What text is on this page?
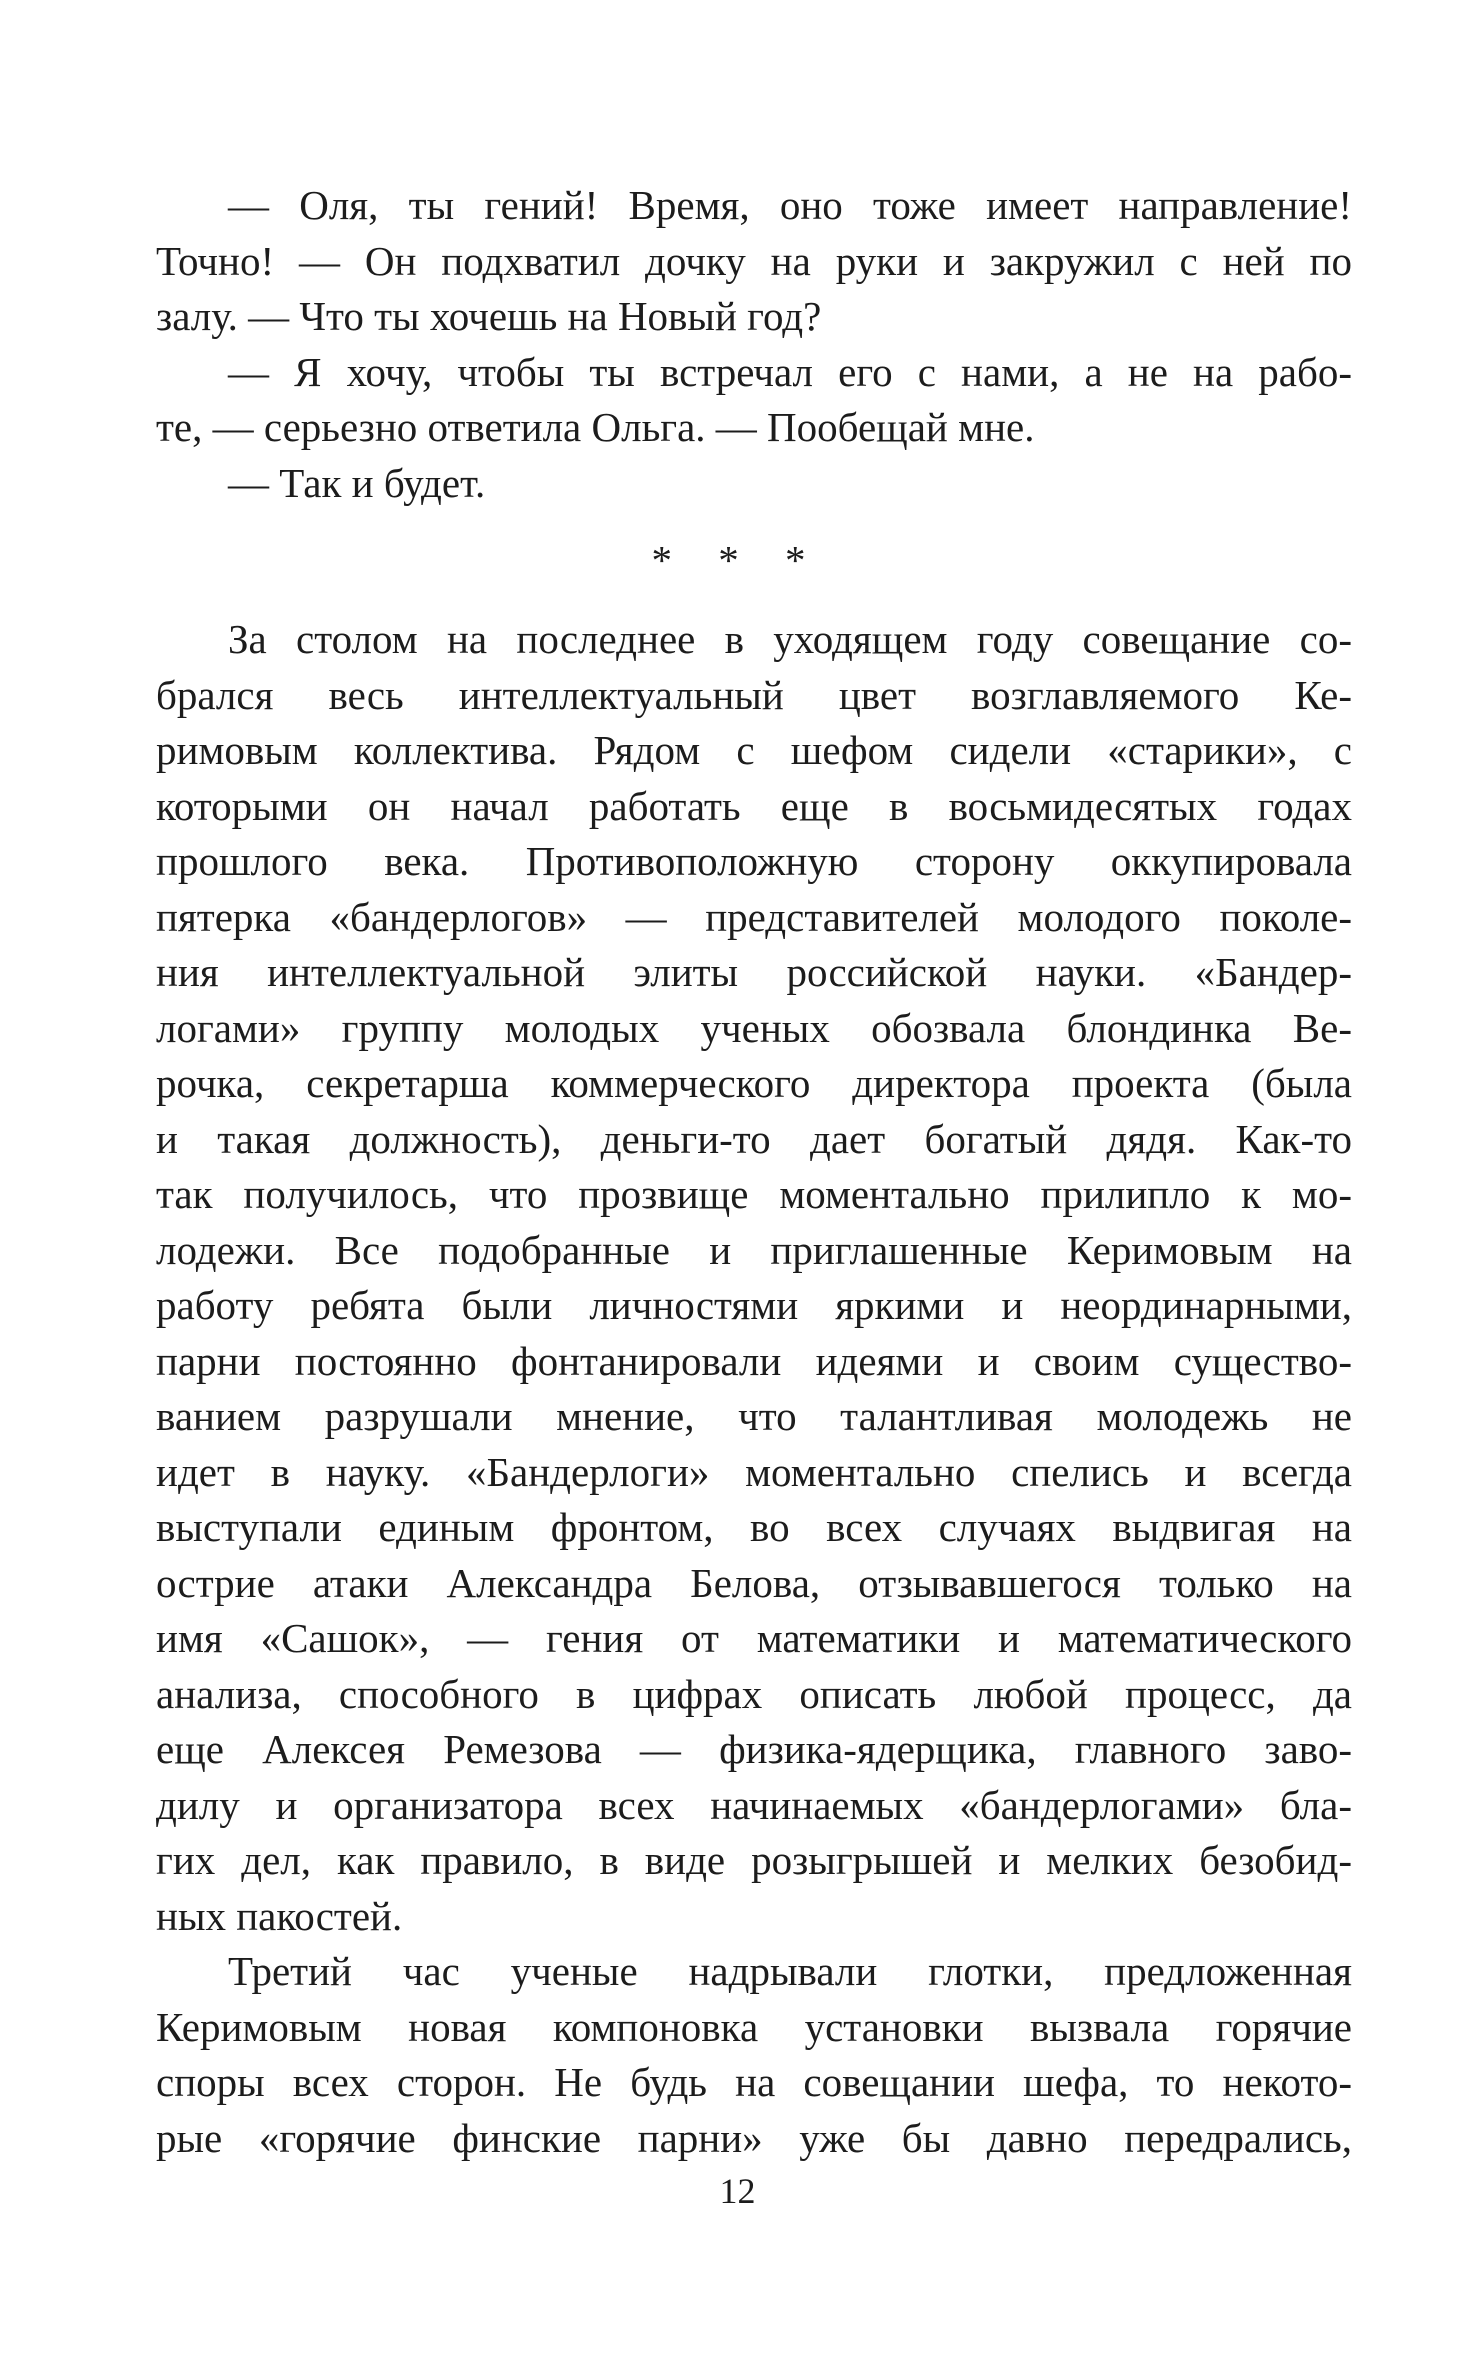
— Оля, ты гений! Время, оно тоже имеет направление!
Точно! — Он подхватил дочку на руки и закружил с ней по
залу. — Что ты хочешь на Новый год?
— Я хочу, чтобы ты встречал его с нами, а не на рабо-
те, — серьезно ответила Ольга. — Пообещай мне.
— Так и будет.
* * *
За столом на последнее в уходящем году совещание со-
брался весь интеллектуальный цвет возглавляемого Ке-
римовым коллектива. Рядом с шефом сидели «старики», с
которыми он начал работать еще в восьмидесятых годах
прошлого века. Противоположную сторону оккупировала
пятерка «бандерлогов» — представителей молодого поколе-
ния интеллектуальной элиты российской науки. «Бандер-
логами» группу молодых ученых обозвала блондинка Ве-
рочка, секретарша коммерческого директора проекта (была
и такая должность), деньги-то дает богатый дядя. Как-то
так получилось, что прозвище моментально прилипло к мо-
лодежи. Все подобранные и приглашенные Керимовым на
работу ребята были личностями яркими и неординарными,
парни постоянно фонтанировали идеями и своим существо-
ванием разрушали мнение, что талантливая молодежь не
идет в науку. «Бандерлоги» моментально спелись и всегда
выступали единым фронтом, во всех случаях выдвигая на
острие атаки Александра Белова, отзывавшегося только на
имя «Сашок», — гения от математики и математического
анализа, способного в цифрах описать любой процесс, да
еще Алексея Ремезова — физика-ядерщика, главного заво-
дилу и организатора всех начинаемых «бандерлогами» бла-
гих дел, как правило, в виде розыгрышей и мелких безобид-
ных пакостей.
Третий час ученые надрывали глотки, предложенная
Керимовым новая компоновка установки вызвала горячие
споры всех сторон. Не будь на совещании шефа, то некото-
рые «горячие финские парни» уже бы давно передрались,
12
